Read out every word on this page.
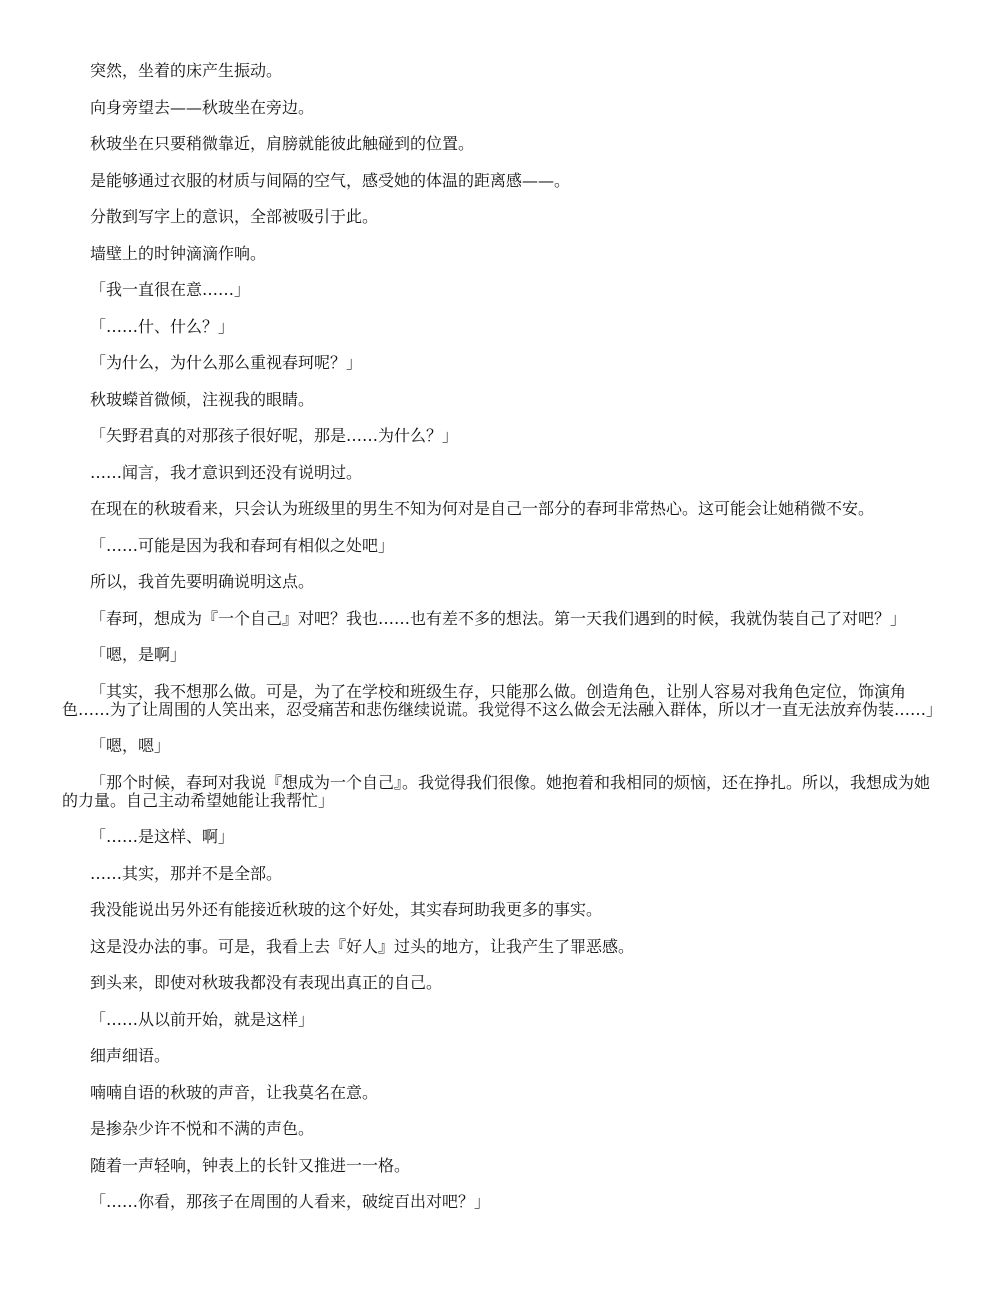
突然，坐着的床产生振动。

向身旁望去——秋玻坐在旁边。

秋玻坐在只要稍微靠近，肩膀就能彼此触碰到的位置。

是能够通过衣服的材质与间隔的空气，感受她的体温的距离感——。

分散到写字上的意识，全部被吸引于此。

墙壁上的时钟滴滴作响。

「我一直很在意……」

「……什、什么？」

「为什么，为什么那么重视春珂呢？」

秋玻蠑首微倾，注视我的眼睛。

「矢野君真的对那孩子很好呢，那是……为什么？」

……闻言，我才意识到还没有说明过。

在现在的秋玻看来，只会认为班级里的男生不知为何对是自己一部分的春珂非常热心。这可能会让她稍微不安。

「……可能是因为我和春珂有相似之处吧」

所以，我首先要明确说明这点。

「春珂，想成为『一个自己』对吧？我也……也有差不多的想法。第一天我们遇到的时候，我就伪装自己了对吧？」

「嗯，是啊」

「其实，我不想那么做。可是，为了在学校和班级生存，只能那么做。创造角色，让别人容易对我角色定位，饰演角色……为了让周围的人笑出来，忍受痛苦和悲伤继续说谎。我觉得不这么做会无法融入群体，所以才一直无法放弃伪装……」

「嗯，嗯」

「那个时候，春珂对我说『想成为一个自己』。我觉得我们很像。她抱着和我相同的烦恼，还在挣扎。所以，我想成为她的力量。自己主动希望她能让我帮忙」

「……是这样、啊」

……其实，那并不是全部。

我没能说出另外还有能接近秋玻的这个好处，其实春珂助我更多的事实。

这是没办法的事。可是，我看上去『好人』过头的地方，让我产生了罪恶感。

到头来，即使对秋玻我都没有表现出真正的自己。

「……从以前开始，就是这样」

细声细语。

喃喃自语的秋玻的声音，让我莫名在意。

是掺杂少许不悦和不满的声色。

随着一声轻响，钟表上的长针又推进一一格。

「……你看，那孩子在周围的人看来，破绽百出对吧？」
